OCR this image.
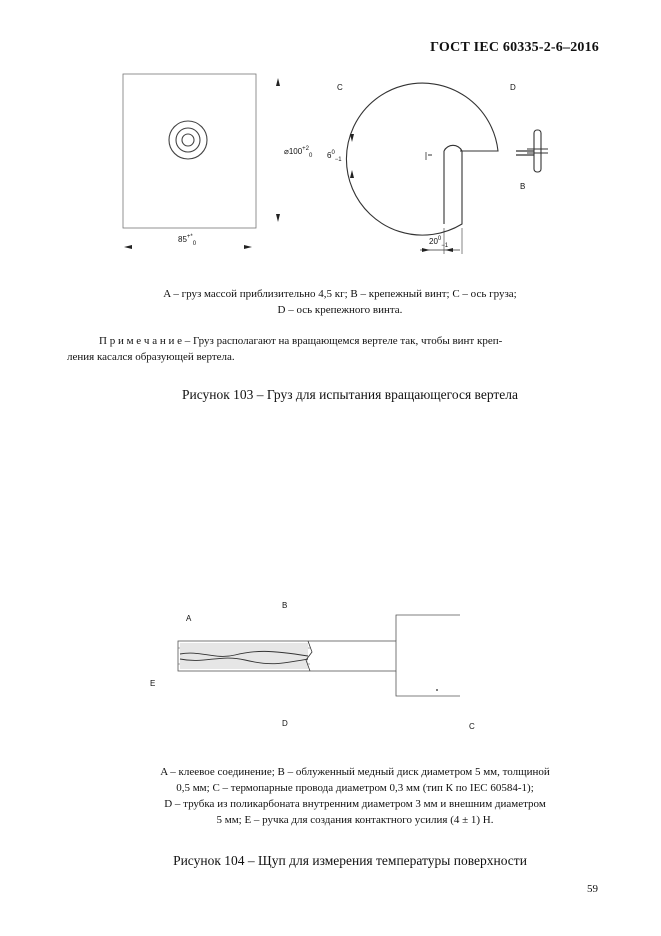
ГОСТ IEC 60335-2-6–2016
C	D
B
$⌀100^{+2}_0$ $6^0_{-1}$
$85^{+*}_0$	$20^0_{-1}$
A – груз массой приблизительно 4,5 кг; B – крепежный винт; C – ось груза;
D – ось крепежного винта.
П р и м е ч а н и е – Груз располагают на вращающемся вертеле так, чтобы винт креп-
ления касался образующей вертела.
Рисунок 103 – Груз для испытания вращающегося вертела
A
B
E
D	C
A – клеевое соединение; B – облуженный медный диск диаметром 5 мм, толщиной
0,5 мм; C – термопарные провода диаметром 0,3 мм (тип К по IEC 60584-1);
D – трубка из поликарбоната внутренним диаметром 3 мм и внешним диаметром
5 мм; E – ручка для создания контактного усилия (4 ± 1) Н.
Рисунок 104 – Щуп для измерения температуры поверхности
59
